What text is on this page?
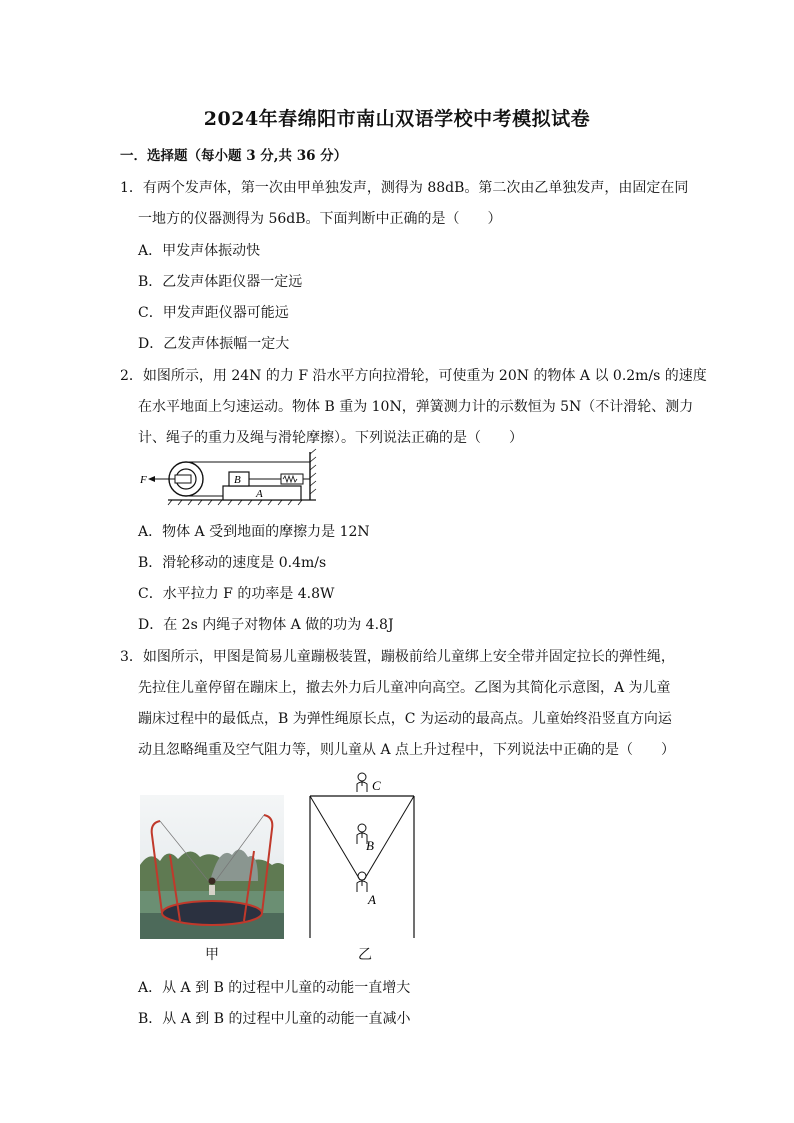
2024年春绵阳市南山双语学校中考模拟试卷
一．选择题（每小题 3 分,共 36 分）
1．有两个发声体，第一次由甲单独发声，测得为 88dB。第二次由乙单独发声，由固定在同
一地方的仪器测得为 56dB。下面判断中正确的是（　　）
A．甲发声体振动快
B．乙发声体距仪器一定远
C．甲发声距仪器可能远
D．乙发声体振幅一定大
2．如图所示，用 24N 的力 F 沿水平方向拉滑轮，可使重为 20N 的物体 A 以 0.2m/s 的速度
在水平地面上匀速运动。物体 B 重为 10N，弹簧测力计的示数恒为 5N（不计滑轮、测力
计、绳子的重力及绳与滑轮摩擦）。下列说法正确的是（　　）
A
B
F
A．物体 A 受到地面的摩擦力是 12N
B．滑轮移动的速度是 0.4m/s
C．水平拉力 F 的功率是 4.8W
D．在 2s 内绳子对物体 A 做的功为 4.8J
3．如图所示，甲图是简易儿童蹦极装置，蹦极前给儿童绑上安全带并固定拉长的弹性绳，
先拉住儿童停留在蹦床上，撤去外力后儿童冲向高空。乙图为其简化示意图，A 为儿童
蹦床过程中的最低点，B 为弹性绳原长点，C 为运动的最高点。儿童始终沿竖直方向运
动且忽略绳重及空气阻力等，则儿童从 A 点上升过程中，下列说法中正确的是（　　）
甲
C
B
A
乙
A．从 A 到 B 的过程中儿童的动能一直增大
B．从 A 到 B 的过程中儿童的动能一直减小
